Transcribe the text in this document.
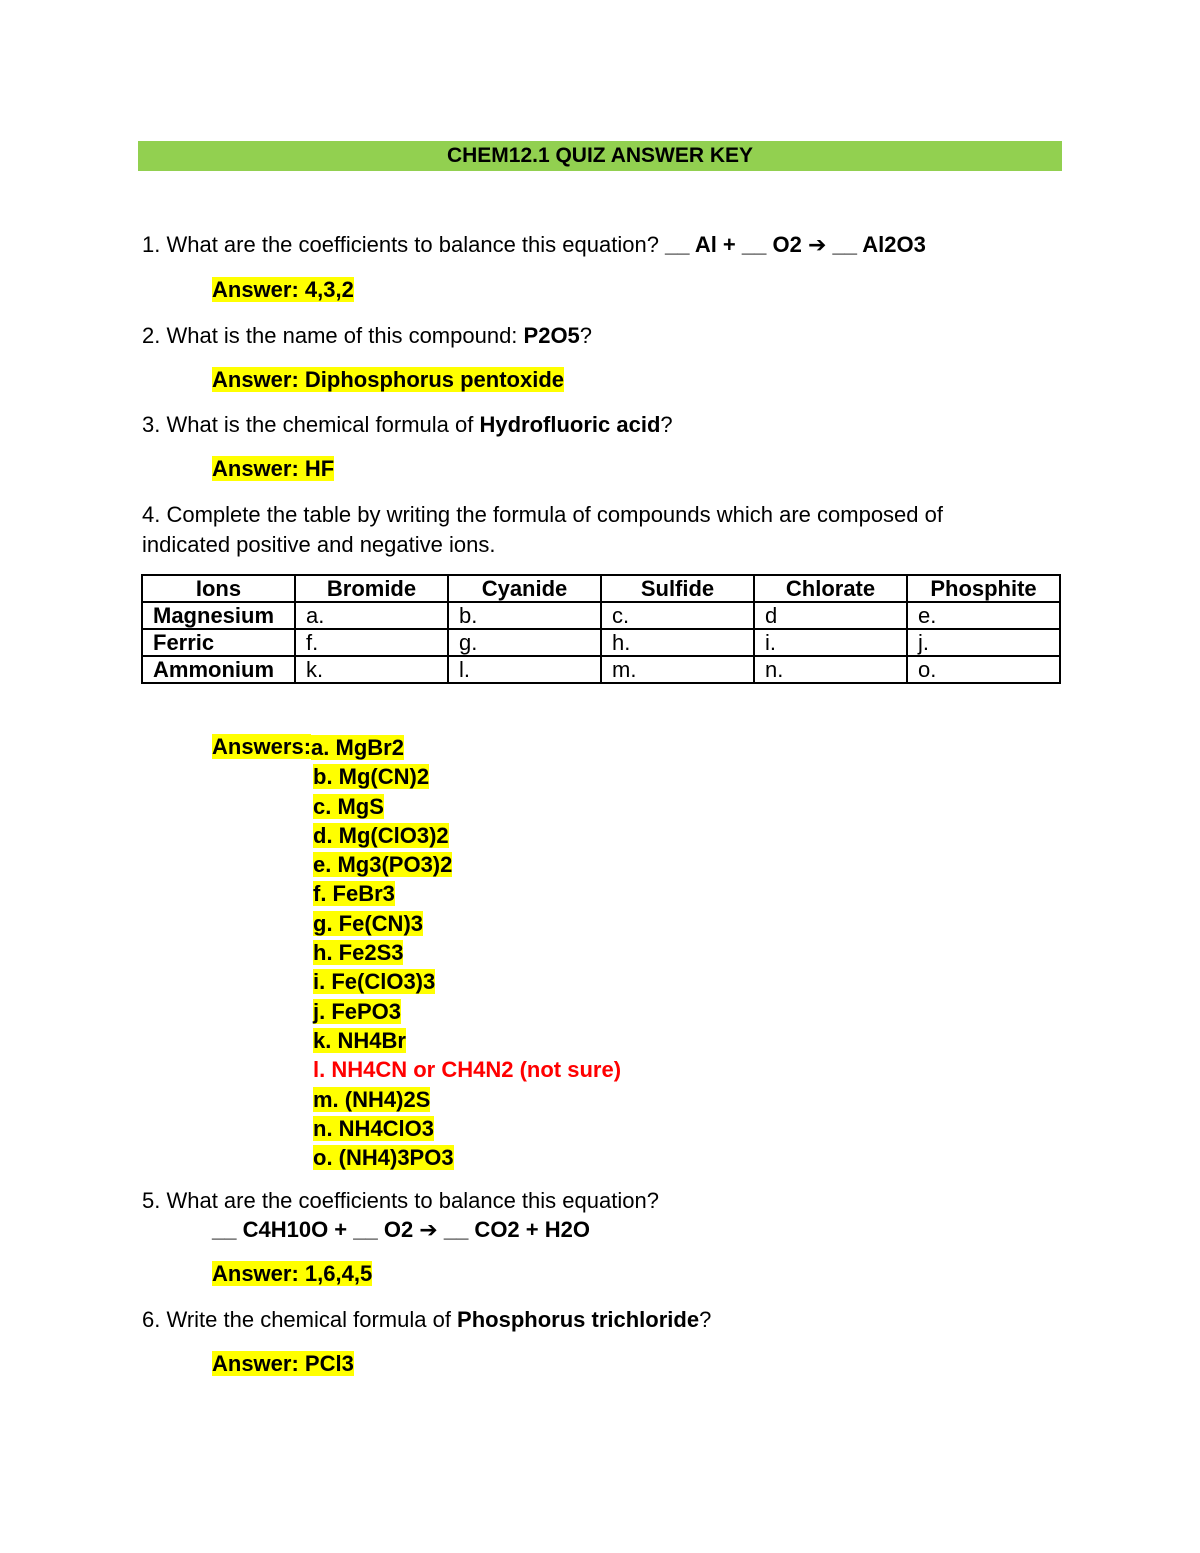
CHEM12.1 QUIZ ANSWER KEY
1. What are the coefficients to balance this equation? __ Al + __ O2 ➔ __ Al2O3
Answer: 4,3,2
2. What is the name of this compound: P2O5?
Answer: Diphosphorus pentoxide
3. What is the chemical formula of Hydrofluoric acid?
Answer: HF
4. Complete the table by writing the formula of compounds which are composed of
indicated positive and negative ions.
Ions	Bromide	Cyanide	Sulfide	Chlorate	Phosphite
Magnesium	a.	b.	c.	d	e.
Ferric	f.	g.	h.	i.	j.
Ammonium	k.	l.	m.	n.	o.
Answers: a. MgBr2
b. Mg(CN)2
c. MgS
d. Mg(ClO3)2
e. Mg3(PO3)2
f. FeBr3
g. Fe(CN)3
h. Fe2S3
i. Fe(ClO3)3
j. FePO3
k. NH4Br
l. NH4CN or CH4N2 (not sure)
m. (NH4)2S
n. NH4ClO3
o. (NH4)3PO3
5. What are the coefficients to balance this equation?
__ C4H10O + __ O2 ➔ __ CO2 + H2O
Answer: 1,6,4,5
6. Write the chemical formula of Phosphorus trichloride?
Answer: PCl3
